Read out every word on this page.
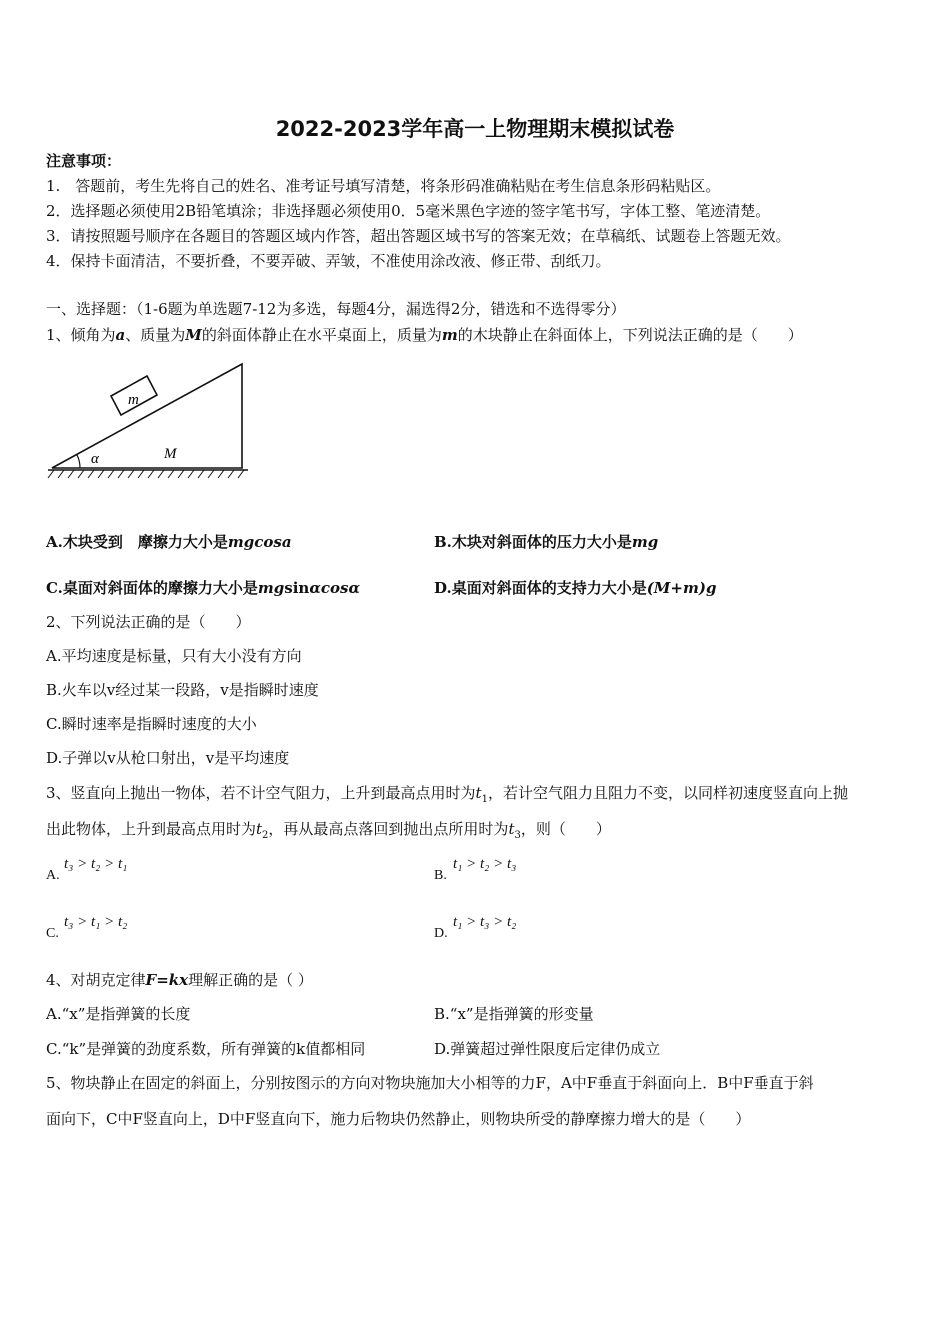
2022-2023学年高一上物理期末模拟试卷
注意事项：
1.　答题前，考生先将自己的姓名、准考证号填写清楚，将条形码准确粘贴在考生信息条形码粘贴区。
2．选择题必须使用2B铅笔填涂；非选择题必须使用0．5毫米黑色字迹的签字笔书写，字体工整、笔迹清楚。
3．请按照题号顺序在各题目的答题区域内作答，超出答题区域书写的答案无效；在草稿纸、试题卷上答题无效。
4．保持卡面清洁，不要折叠，不要弄破、弄皱，不准使用涂改液、修正带、刮纸刀。
一、选择题：（1-6题为单选题7-12为多选，每题4分，漏选得2分，错选和不选得零分）
1、倾角为a、质量为M的斜面体静止在水平桌面上，质量为m的木块静止在斜面体上，下列说法正确的是（　　）
m
M
α
A.木块受到　摩擦力大小是mgcosa	B.木块对斜面体的压力大小是mg
C.桌面对斜面体的摩擦力大小是mgsinαcosα	D.桌面对斜面体的支持力大小是(M+m)g
2、下列说法正确的是（　　）
A.平均速度是标量，只有大小没有方向
B.火车以v经过某一段路，v是指瞬时速度
C.瞬时速率是指瞬时速度的大小
D.子弹以v从枪口射出，v是平均速度
3、竖直向上抛出一物体，若不计空气阻力，上升到最高点用时为$t_1$，若计空气阻力且阻力不变，以同样初速度竖直向上抛
出此物体，上升到最高点用时为$t_2$，再从最高点落回到抛出点所用时为$t_3$，则（　　）
A.
t₃ > t₂ > t₁
B.
t₁ > t₂ > t₃
C.
t₃ > t₁ > t₂
D.
t₁ > t₃ > t₂
4、对胡克定律F=kx理解正确的是（ ）
A.“x”是指弹簧的长度	B.“x”是指弹簧的形变量
C.“k”是弹簧的劲度系数，所有弹簧的k值都相同	D.弹簧超过弹性限度后定律仍成立
5、物块静止在固定的斜面上，分别按图示的方向对物块施加大小相等的力F，A中F垂直于斜面向上．B中F垂直于斜
面向下，C中F竖直向上，D中F竖直向下，施力后物块仍然静止，则物块所受的静摩擦力增大的是（　　）
